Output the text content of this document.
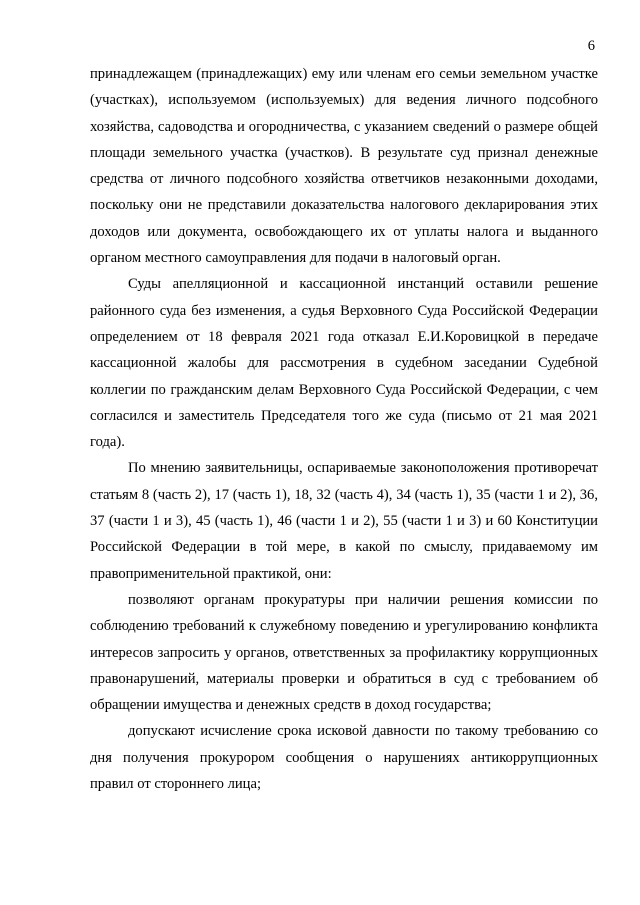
6

принадлежащем (принадлежащих) ему или членам его семьи земельном участке (участках), используемом (используемых) для ведения личного подсобного хозяйства, садоводства и огородничества, с указанием сведений о размере общей площади земельного участка (участков). В результате суд признал денежные средства от личного подсобного хозяйства ответчиков незаконными доходами, поскольку они не представили доказательства налогового декларирования этих доходов или документа, освобождающего их от уплаты налога и выданного органом местного самоуправления для подачи в налоговый орган.

Суды апелляционной и кассационной инстанций оставили решение районного суда без изменения, а судья Верховного Суда Российской Федерации определением от 18 февраля 2021 года отказал Е.И.Коровицкой в передаче кассационной жалобы для рассмотрения в судебном заседании Судебной коллегии по гражданским делам Верховного Суда Российской Федерации, с чем согласился и заместитель Председателя того же суда (письмо от 21 мая 2021 года).

По мнению заявительницы, оспариваемые законоположения противоречат статьям 8 (часть 2), 17 (часть 1), 18, 32 (часть 4), 34 (часть 1), 35 (части 1 и 2), 36, 37 (части 1 и 3), 45 (часть 1), 46 (части 1 и 2), 55 (части 1 и 3) и 60 Конституции Российской Федерации в той мере, в какой по смыслу, придаваемому им правоприменительной практикой, они:

позволяют органам прокуратуры при наличии решения комиссии по соблюдению требований к служебному поведению и урегулированию конфликта интересов запросить у органов, ответственных за профилактику коррупционных правонарушений, материалы проверки и обратиться в суд с требованием об обращении имущества и денежных средств в доход государства;

допускают исчисление срока исковой давности по такому требованию со дня получения прокурором сообщения о нарушениях антикоррупционных правил от стороннего лица;
